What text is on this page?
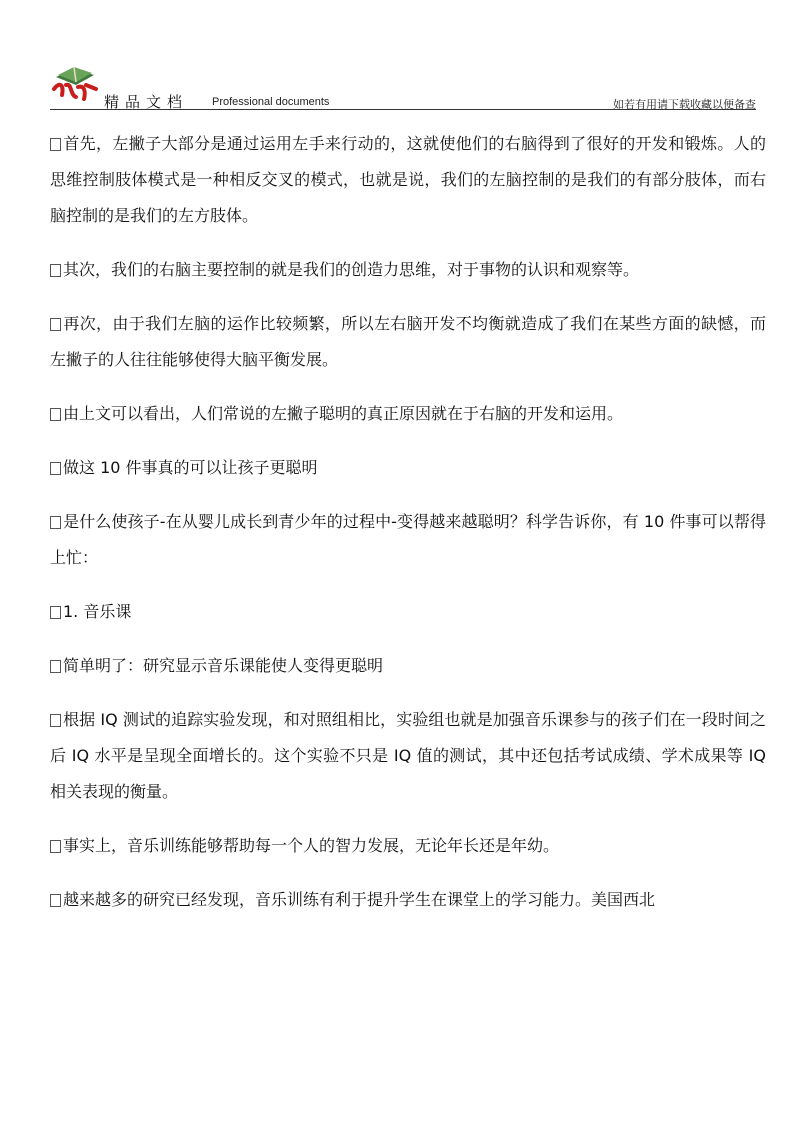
精品文档 Professional documents	如若有用请下载收藏以便备查

首先，左撇子大部分是通过运用左手来行动的，这就使他们的右脑得到了很好的开发和锻炼。人的思维控制肢体模式是一种相反交叉的模式，也就是说，我们的左脑控制的是我们的有部分肢体，而右脑控制的是我们的左方肢体。

其次，我们的右脑主要控制的就是我们的创造力思维，对于事物的认识和观察等。

再次，由于我们左脑的运作比较频繁，所以左右脑开发不均衡就造成了我们在某些方面的缺憾，而左撇子的人往往能够使得大脑平衡发展。

由上文可以看出，人们常说的左撇子聪明的真正原因就在于右脑的开发和运用。

做这 10 件事真的可以让孩子更聪明

是什么使孩子-在从婴儿成长到青少年的过程中-变得越来越聪明？科学告诉你，有 10 件事可以帮得上忙：

1. 音乐课

简单明了：研究显示音乐课能使人变得更聪明

根据 IQ 测试的追踪实验发现，和对照组相比，实验组也就是加强音乐课参与的孩子们在一段时间之后 IQ 水平是呈现全面增长的。这个实验不只是 IQ 值的测试，其中还包括考试成绩、学术成果等 IQ 相关表现的衡量。

事实上，音乐训练能够帮助每一个人的智力发展，无论年长还是年幼。

越来越多的研究已经发现，音乐训练有利于提升学生在课堂上的学习能力。美国西北
